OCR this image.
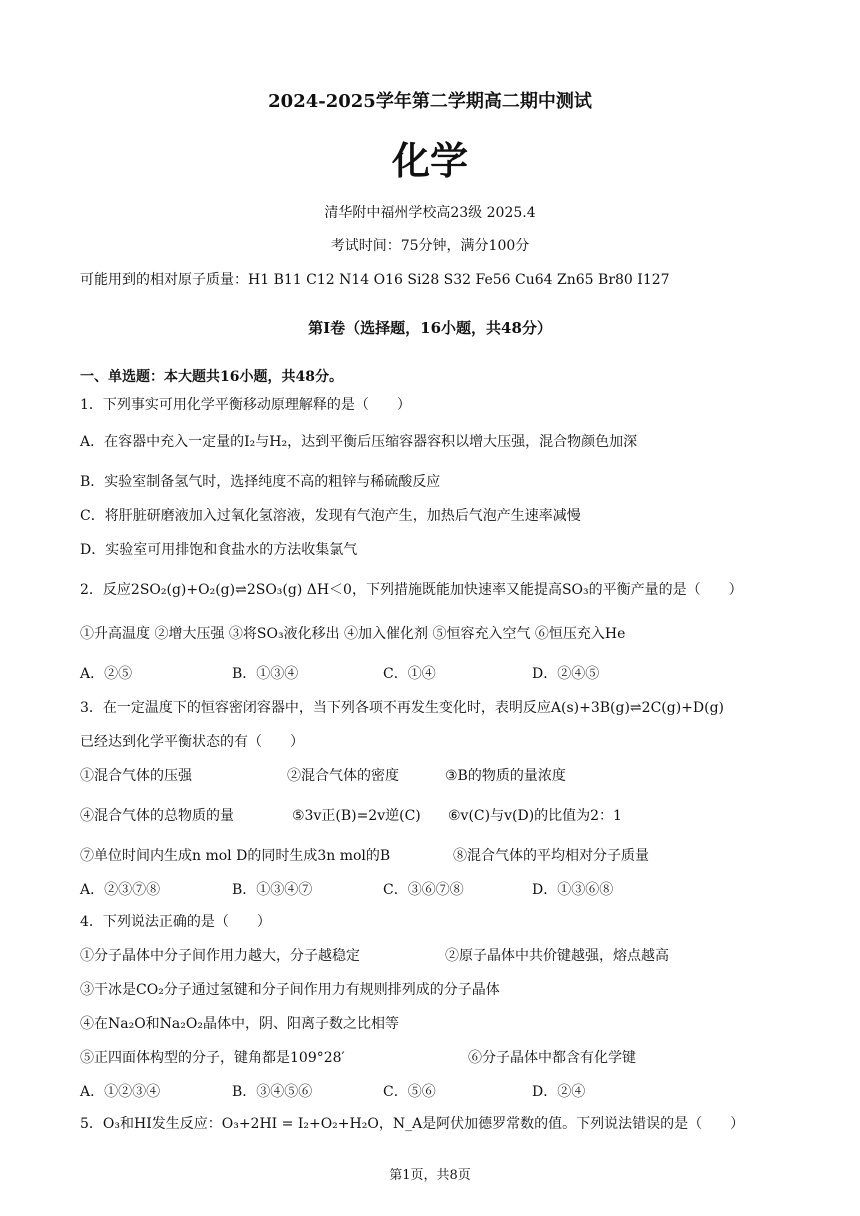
2024-2025学年第二学期高二期中测试
化学
清华附中福州学校高23级 2025.4
考试时间：75分钟，满分100分
可能用到的相对原子质量：H1 B11 C12 N14 O16 Si28 S32 Fe56 Cu64 Zn65 Br80 I127
第Ⅰ卷（选择题，16小题，共48分）
一、单选题：本大题共16小题，共48分。
1．下列事实可用化学平衡移动原理解释的是（　　）
A．在容器中充入一定量的I₂与H₂，达到平衡后压缩容器容积以增大压强，混合物颜色加深
B．实验室制备氢气时，选择纯度不高的粗锌与稀硫酸反应
C．将肝脏研磨液加入过氧化氢溶液，发现有气泡产生，加热后气泡产生速率减慢
D．实验室可用排饱和食盐水的方法收集氯气
2．反应2SO₂(g)+O₂(g)⇌2SO₃(g) ΔH＜0，下列措施既能加快速率又能提高SO₃的平衡产量的是（　　）
①升高温度 ②增大压强 ③将SO₃液化移出 ④加入催化剂 ⑤恒容充入空气 ⑥恒压充入He
A．②⑤	B．①③④	C．①④	D．②④⑤
3．在一定温度下的恒容密闭容器中，当下列各项不再发生变化时，表明反应A(s)+3B(g)⇌2C(g)+D(g)
已经达到化学平衡状态的有（　　）
①混合气体的压强	②混合气体的密度	③B的物质的量浓度
④混合气体的总物质的量	⑤3v正(B)=2v逆(C) ⑥v(C)与v(D)的比值为2：1
⑦单位时间内生成n mol D的同时生成3n mol的B	⑧混合气体的平均相对分子质量
A．②③⑦⑧	B．①③④⑦	C．③⑥⑦⑧	D．①③⑥⑧
4．下列说法正确的是（　　）
①分子晶体中分子间作用力越大，分子越稳定	②原子晶体中共价键越强，熔点越高
③干冰是CO₂分子通过氢键和分子间作用力有规则排列成的分子晶体
④在Na₂O和Na₂O₂晶体中，阴、阳离子数之比相等
⑤正四面体构型的分子，键角都是109°28′	⑥分子晶体中都含有化学键
A．①②③④	B．③④⑤⑥	C．⑤⑥	D．②④
5．O₃和HI发生反应：O₃+2HI = I₂+O₂+H₂O，N_A是阿伏加德罗常数的值。下列说法错误的是（　　）
第1页，共8页
